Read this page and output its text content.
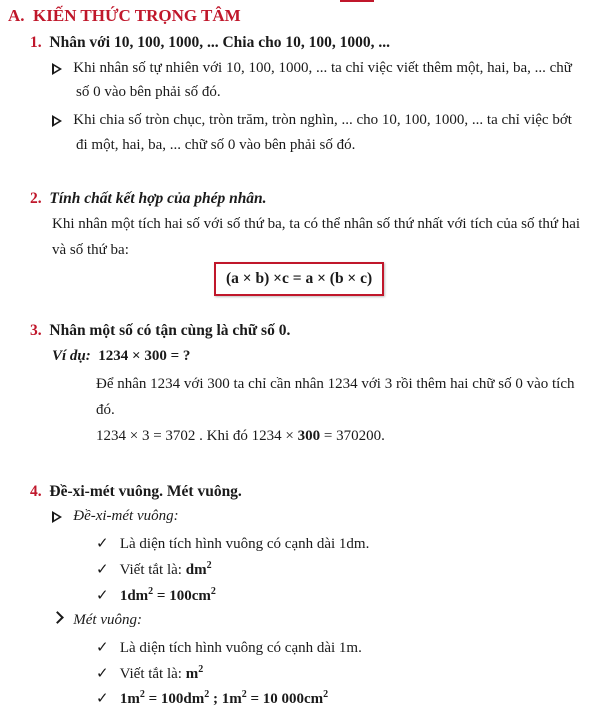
A. KIẾN THỨC TRỌNG TÂM
1. Nhân với 10, 100, 1000, ... Chia cho 10, 100, 1000, ...
Khi nhân số tự nhiên với 10, 100, 1000, ... ta chỉ việc viết thêm một, hai, ba, ... chữ
số 0 vào bên phải số đó.
Khi chia số tròn chục, tròn trăm, tròn nghìn, ... cho 10, 100, 1000, ... ta chỉ việc bớt
đi một, hai, ba, ... chữ số 0 vào bên phải số đó.
2. Tính chất kết hợp của phép nhân.
Khi nhân một tích hai số với số thứ ba, ta có thể nhân số thứ nhất với tích của số thứ hai
và số thứ ba:
(a × b) ×c = a × (b × c)
3. Nhân một số có tận cùng là chữ số 0.
Ví dụ: 1234 × 300 = ?
Để nhân 1234 với 300 ta chỉ cần nhân 1234 với 3 rồi thêm hai chữ số 0 vào tích
đó.
1234 × 3 = 3702 . Khi đó 1234 × 300 = 370200.
4. Đề-xi-mét vuông. Mét vuông.
Đề-xi-mét vuông:
✓ Là diện tích hình vuông có cạnh dài 1dm.
✓ Viết tắt là: $dm^2$
✓ $1dm^2 = 100cm^2$
Mét vuông:
✓ Là diện tích hình vuông có cạnh dài 1m.
✓ Viết tắt là: $m^2$
✓ $1m^2 = 100dm^2$ ; $1m^2 = 10$ $000cm^2$
